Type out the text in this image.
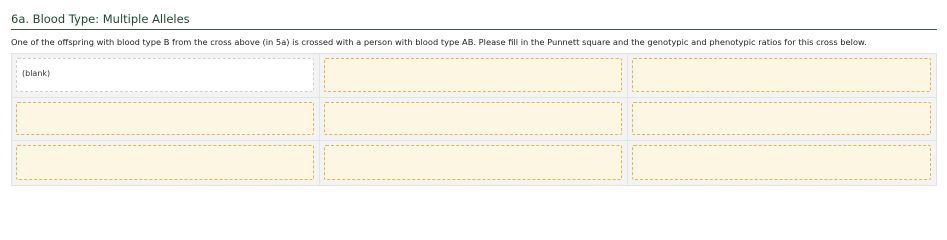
6a. Blood Type: Multiple Alleles
One of the offspring with blood type B from the cross above (in 5a) is crossed with a person with blood type AB. Please fill in the Punnett square and the genotypic and phenotypic ratios for this cross below.
(blank)
